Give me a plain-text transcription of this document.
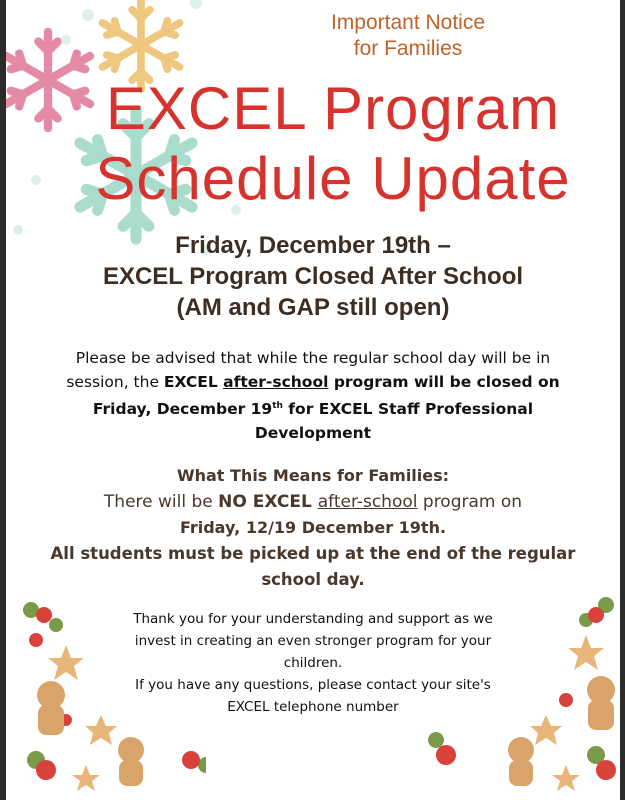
Important Notice
for Families
EXCEL Program
Schedule Update
Friday, December 19th –
EXCEL Program Closed After School
(AM and GAP still open)
Please be advised that while the regular school day will be in
session, the EXCEL after-school program will be closed on
Friday, December 19th for EXCEL Staff Professional
Development
What This Means for Families:
There will be NO EXCEL after-school program on
Friday, 12/19 December 19th.
All students must be picked up at the end of the regular
school day.
Thank you for your understanding and support as we
invest in creating an even stronger program for your
children.
If you have any questions, please contact your site's
EXCEL telephone number
